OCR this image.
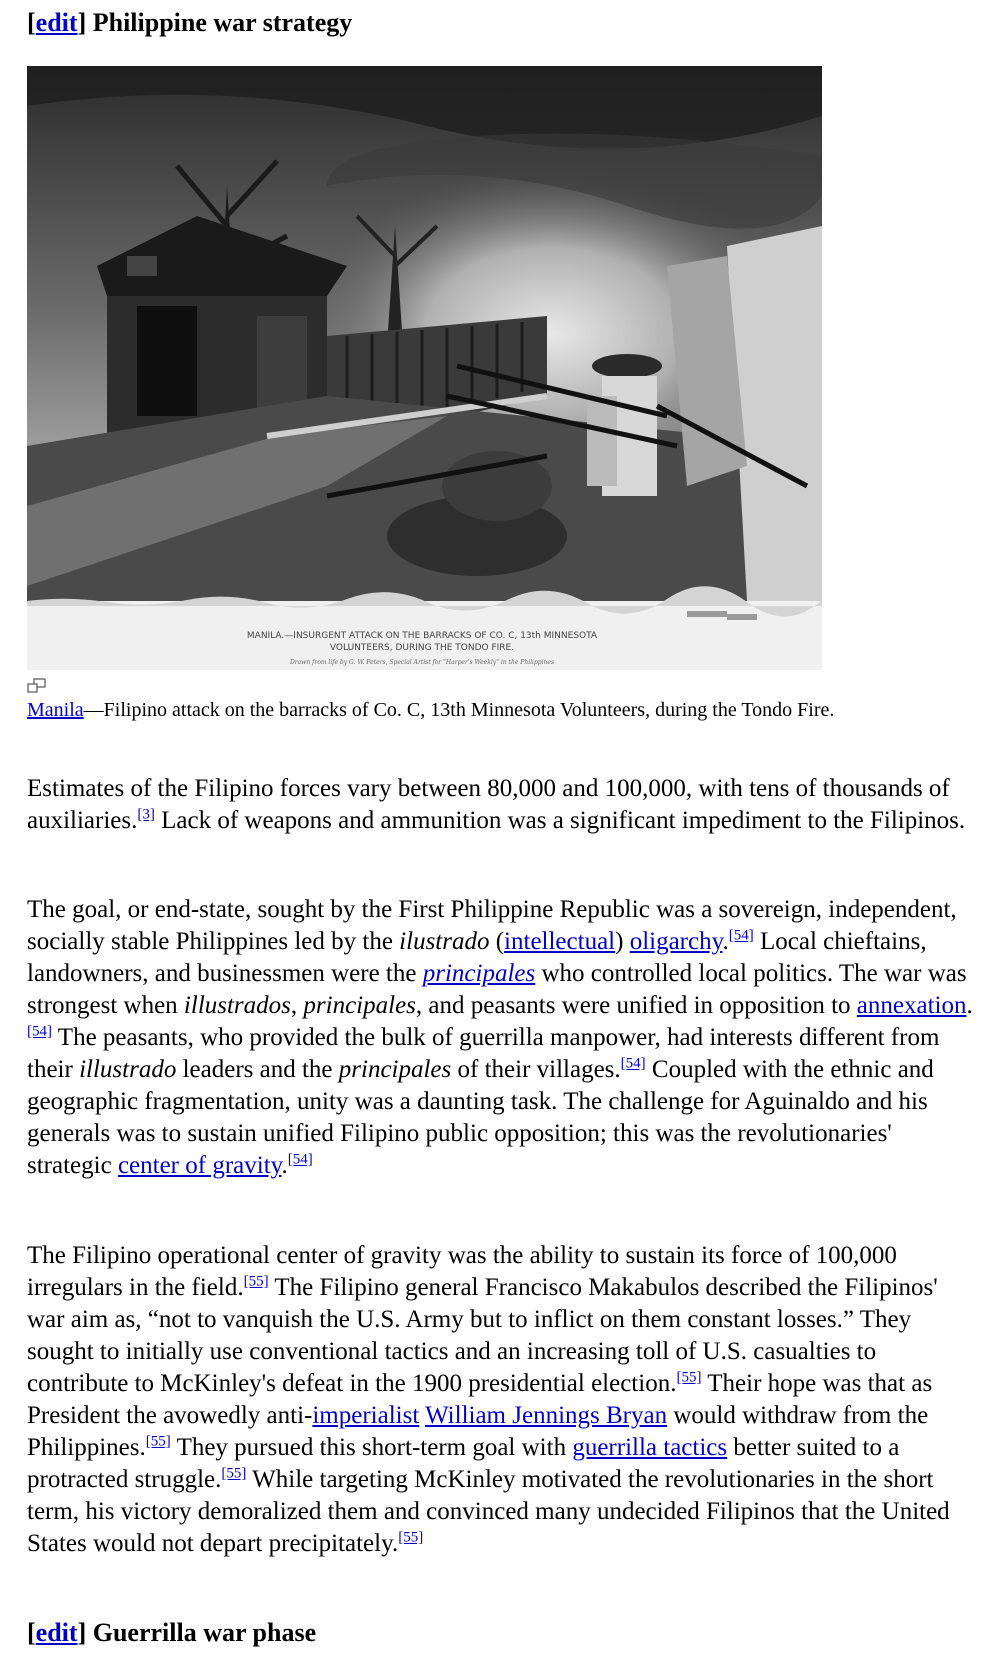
[edit] Philippine war strategy
MANILA.—INSURGENT ATTACK ON THE BARRACKS OF CO. C, 13th MINNESOTA
VOLUNTEERS, DURING THE TONDO FIRE.
Drawn from life by G. W. Peters, Special Artist for "Harper's Weekly" in the Philippines
Manila—Filipino attack on the barracks of Co. C, 13th Minnesota Volunteers, during the Tondo Fire.

Estimates of the Filipino forces vary between 80,000 and 100,000, with tens of thousands of auxiliaries.[3] Lack of weapons and ammunition was a significant impediment to the Filipinos.

The goal, or end-state, sought by the First Philippine Republic was a sovereign, independent, socially stable Philippines led by the ilustrado (intellectual) oligarchy.[54] Local chieftains, landowners, and businessmen were the principales who controlled local politics. The war was strongest when illustrados, principales, and peasants were unified in opposition to annexation.[54] The peasants, who provided the bulk of guerrilla manpower, had interests different from their illustrado leaders and the principales of their villages.[54] Coupled with the ethnic and geographic fragmentation, unity was a daunting task. The challenge for Aguinaldo and his generals was to sustain unified Filipino public opposition; this was the revolutionaries' strategic center of gravity.[54]

The Filipino operational center of gravity was the ability to sustain its force of 100,000 irregulars in the field.[55] The Filipino general Francisco Makabulos described the Filipinos' war aim as, “not to vanquish the U.S. Army but to inflict on them constant losses.” They sought to initially use conventional tactics and an increasing toll of U.S. casualties to contribute to McKinley's defeat in the 1900 presidential election.[55] Their hope was that as President the avowedly anti-imperialist William Jennings Bryan would withdraw from the Philippines.[55] They pursued this short-term goal with guerrilla tactics better suited to a protracted struggle.[55] While targeting McKinley motivated the revolutionaries in the short term, his victory demoralized them and convinced many undecided Filipinos that the United States would not depart precipitately.[55]

[edit] Guerrilla war phase
